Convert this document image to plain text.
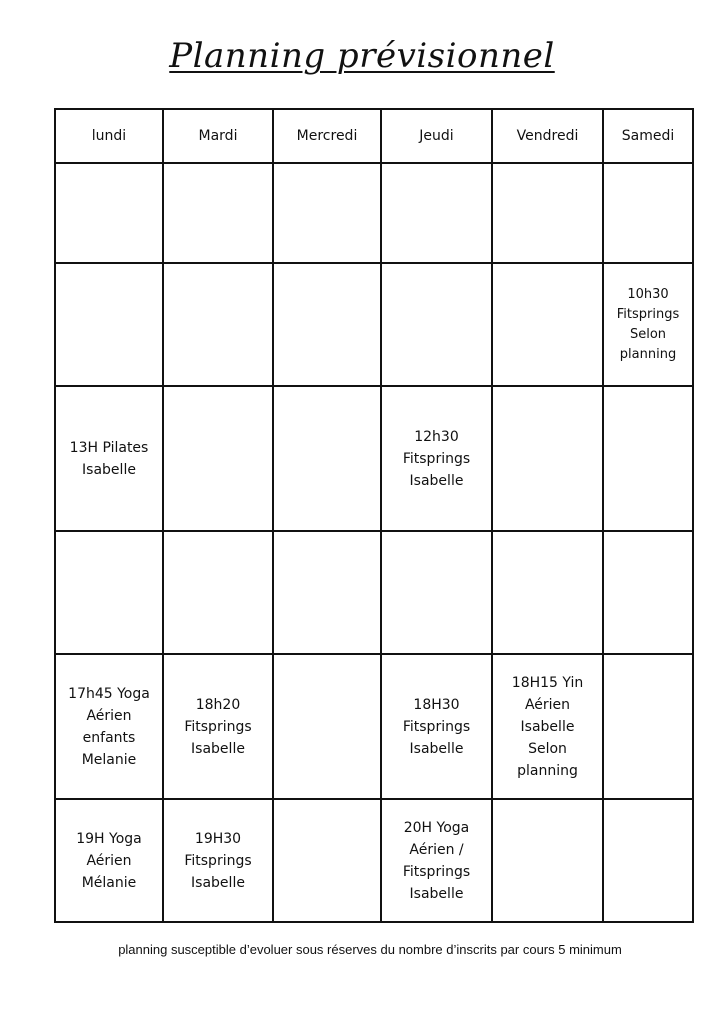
Planning prévisionnel
lundi	Mardi	Mercredi	Jeudi	Vendredi	Samedi

					10h30
Fitsprings
Selon
planning

13H Pilates
Isabelle			12h30
Fitsprings
Isabelle		

17h45 Yoga
Aérien
enfants
Melanie	18h20
Fitsprings
Isabelle		18H30
Fitsprings
Isabelle	18H15 Yin
Aérien
Isabelle
Selon
planning	

19H Yoga
Aérien
Mélanie	19H30
Fitsprings
Isabelle		20H Yoga
Aérien /
Fitsprings
Isabelle		

planning susceptible d’evoluer sous réserves du nombre d’inscrits par cours 5 minimum
